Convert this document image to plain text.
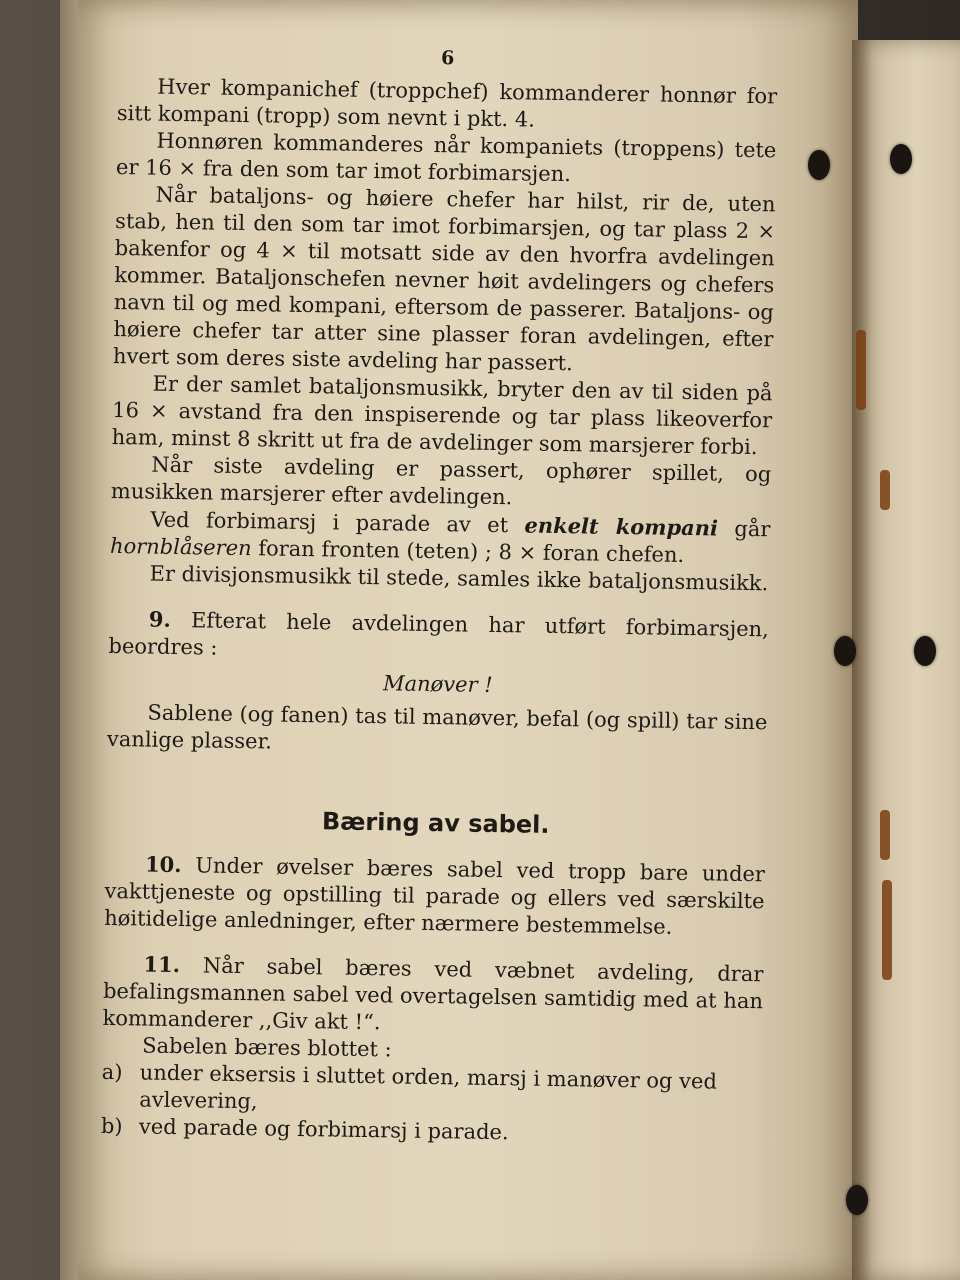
6

Hver kompanichef (troppchef) kommanderer honnør for sitt kompani (tropp) som nevnt i pkt. 4.

Honnøren kommanderes når kompaniets (troppens) tete er 16 × fra den som tar imot forbimarsjen.

Når bataljons- og høiere chefer har hilst, rir de, uten stab, hen til den som tar imot forbimarsjen, og tar plass 2 × bakenfor og 4 × til motsatt side av den hvorfra avdelingen kommer. Bataljonschefen nevner høit avdelingers og chefers navn til og med kompani, eftersom de passerer. Bataljons- og høiere chefer tar atter sine plasser foran avdelingen, efter hvert som deres siste avdeling har passert.

Er der samlet bataljonsmusikk, bryter den av til siden på 16 × avstand fra den inspiserende og tar plass likeoverfor ham, minst 8 skritt ut fra de avdelinger som marsjerer forbi.

Når siste avdeling er passert, ophører spillet, og musikken marsjerer efter avdelingen.

Ved forbimarsj i parade av et enkelt kompani går hornblåseren foran fronten (teten) ; 8 × foran chefen.

Er divisjonsmusikk til stede, samles ikke bataljonsmusikk.

9. Efterat hele avdelingen har utført forbimarsjen, beordres :

Manøver !

Sablene (og fanen) tas til manøver, befal (og spill) tar sine vanlige plasser.

Bæring av sabel.

10. Under øvelser bæres sabel ved tropp bare under vakttjeneste og opstilling til parade og ellers ved særskilte høitidelige anledninger, efter nærmere bestemmelse.

11. Når sabel bæres ved væbnet avdeling, drar befalingsmannen sabel ved overtagelsen samtidig med at han kommanderer ,,Giv akt !“.

Sabelen bæres blottet :

a) under eksersis i sluttet orden, marsj i manøver og ved avlevering,
b) ved parade og forbimarsj i parade.
